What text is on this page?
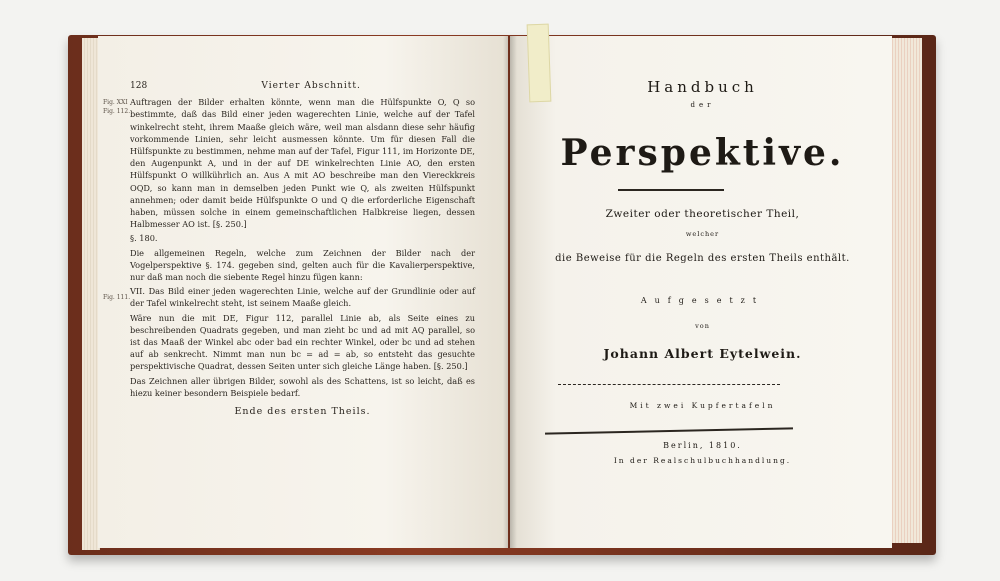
128	Vierter Abschnitt.

Auftragen der Bilder erhalten könnte, wenn man die Hülfspunkte O, Q so bestimmte, daß das Bild einer jeden wagerechten Linie, welche auf der Tafel winkelrecht steht, ihrem Maaße gleich wäre, weil man alsdann diese sehr häufig vorkommende Linien, sehr leicht ausmessen könnte. Um für diesen Fall die Hülfspunkte zu bestimmen, nehme man auf der Tafel, Figur 111, im Horizonte DE, den Augenpunkt A, und in der auf DE winkelrechten Linie AO, den ersten Hülfspunkt O willkührlich an. Aus A mit AO beschreibe man den Viereckkreis OQD, so kann man in demselben jeden Punkt wie Q, als zweiten Hülfspunkt annehmen; oder damit beide Hülfspunkte O und Q die erforderliche Eigenschaft haben, müssen solche in einem gemeinschaftlichen Halbkreise liegen, dessen Halbmesser AO ist. [§. 250.]

§. 180.

Die allgemeinen Regeln, welche zum Zeichnen der Bilder nach der Vogelperspektive §. 174. gegeben sind, gelten auch für die Kavalierperspektive, nur daß man noch die siebente Regel hinzu fügen kann:

VII. Das Bild einer jeden wagerechten Linie, welche auf der Grundlinie oder auf der Tafel winkelrecht steht, ist seinem Maaße gleich.

Wäre nun die mit DE, Figur 112, parallel Linie ab, als Seite eines zu beschreibenden Quadrats gegeben, und man zieht bc und ad mit AQ parallel, so ist das Maaß der Winkel abc oder bad ein rechter Winkel, oder bc und ad stehen auf ab senkrecht. Nimmt man nun bc = ad = ab, so entsteht das gesuchte perspektivische Quadrat, dessen Seiten unter sich gleiche Länge haben. [§. 250.]

Das Zeichnen aller übrigen Bilder, sowohl als des Schattens, ist so leicht, daß es hiezu keiner besondern Beispiele bedarf.

Fig. XXI
Fig. 112.
Fig. 111.
Ende des ersten Theils.
Handbuch
der
Perspektive.
Zweiter oder theoretischer Theil,
welcher
die Beweise für die Regeln des ersten Theils enthält.
Aufgesetzt
von
Johann Albert Eytelwein.
Mit zwei Kupfertafeln
Berlin, 1810.
In der Realschulbuchhandlung.
